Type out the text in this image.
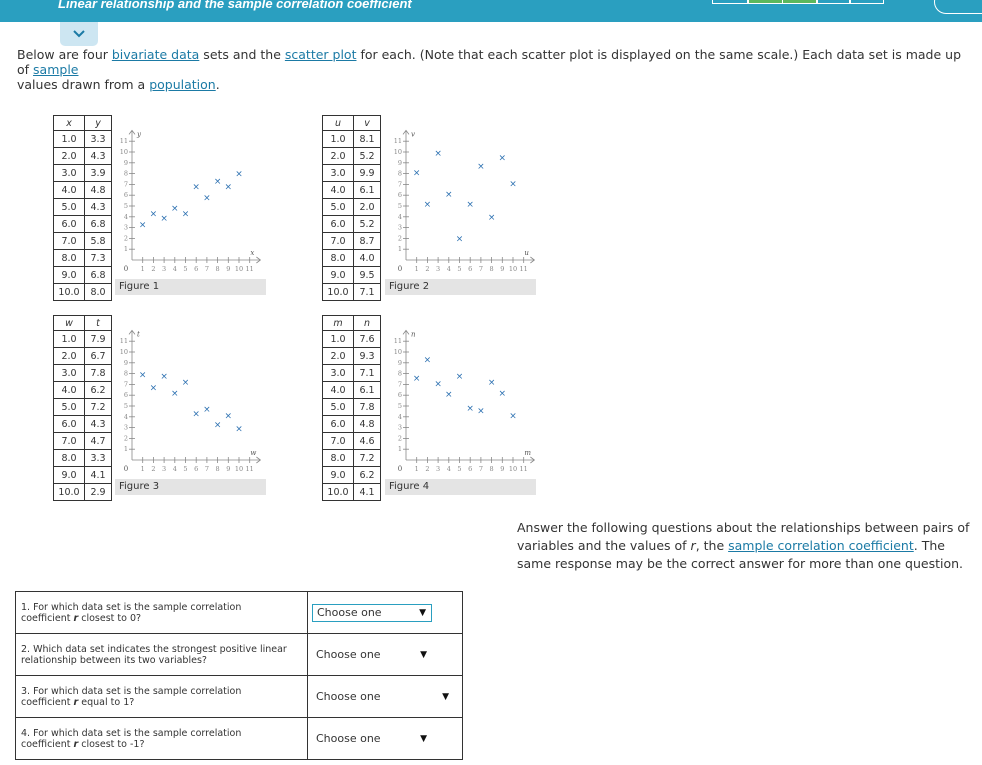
Linear relationship and the sample correlation coefficient
Below are four bivariate data sets and the scatter plot for each. (Note that each scatter plot is displayed on the same scale.) Each data set is made up of sample
values drawn from a population.
x	y
1.0	3.3
2.0	4.3
3.0	3.9
4.0	4.8
5.0	4.3
6.0	6.8
7.0	5.8
8.0	7.3
9.0	6.8
10.0	8.0
u	v
1.0	8.1
2.0	5.2
3.0	9.9
4.0	6.1
5.0	2.0
6.0	5.2
7.0	8.7
8.0	4.0
9.0	9.5
10.0	7.1
w	t
1.0	7.9
2.0	6.7
3.0	7.8
4.0	6.2
5.0	7.2
6.0	4.3
7.0	4.7
8.0	3.3
9.0	4.1
10.0	2.9
m	n
1.0	7.6
2.0	9.3
3.0	7.1
4.0	6.1
5.0	7.8
6.0	4.8
7.0	4.6
8.0	7.2
9.0	6.2
10.0	4.1
1 2 3 4 5 6 7 8 9 10 11
1
2
3
4
5
6
7
8
9
10
11
0
x
y
×
× ×
×
×
×
×
×
×
×
1 2 3 4 5 6 7 8 9 10 11
1
2
3
4
5
6
7
8
9
10
11
0
u
v
×
×
×
×
×
×
×
×
×
×
1 2 3 4 5 6 7 8 9 10 11
1
2
3
4
5
6
7
8
9
10
11
0
w
t
×
×
×
×
×
× ×
×
×
×
1 2 3 4 5 6 7 8 9 10 11
1
2
3
4
5
6
7
8
9
10
11
0
m
n
×
×
×
×
×
× ×
×
×
×
Figure 1	Figure 2
Figure 3	Figure 4
Answer the following questions about the relationships between pairs of variables and the values of r, the sample correlation coefficient. The same response may be the correct answer for more than one question.
1. For which data set is the sample correlation
coefficient r closest to 0?	Choose one ▼

2. Which data set indicates the strongest positive linear
relationship between its two variables?	Choose one ▼

3. For which data set is the sample correlation
coefficient r equal to 1?	Choose one ▼

4. For which data set is the sample correlation
coefficient r closest to -1?	Choose one ▼
